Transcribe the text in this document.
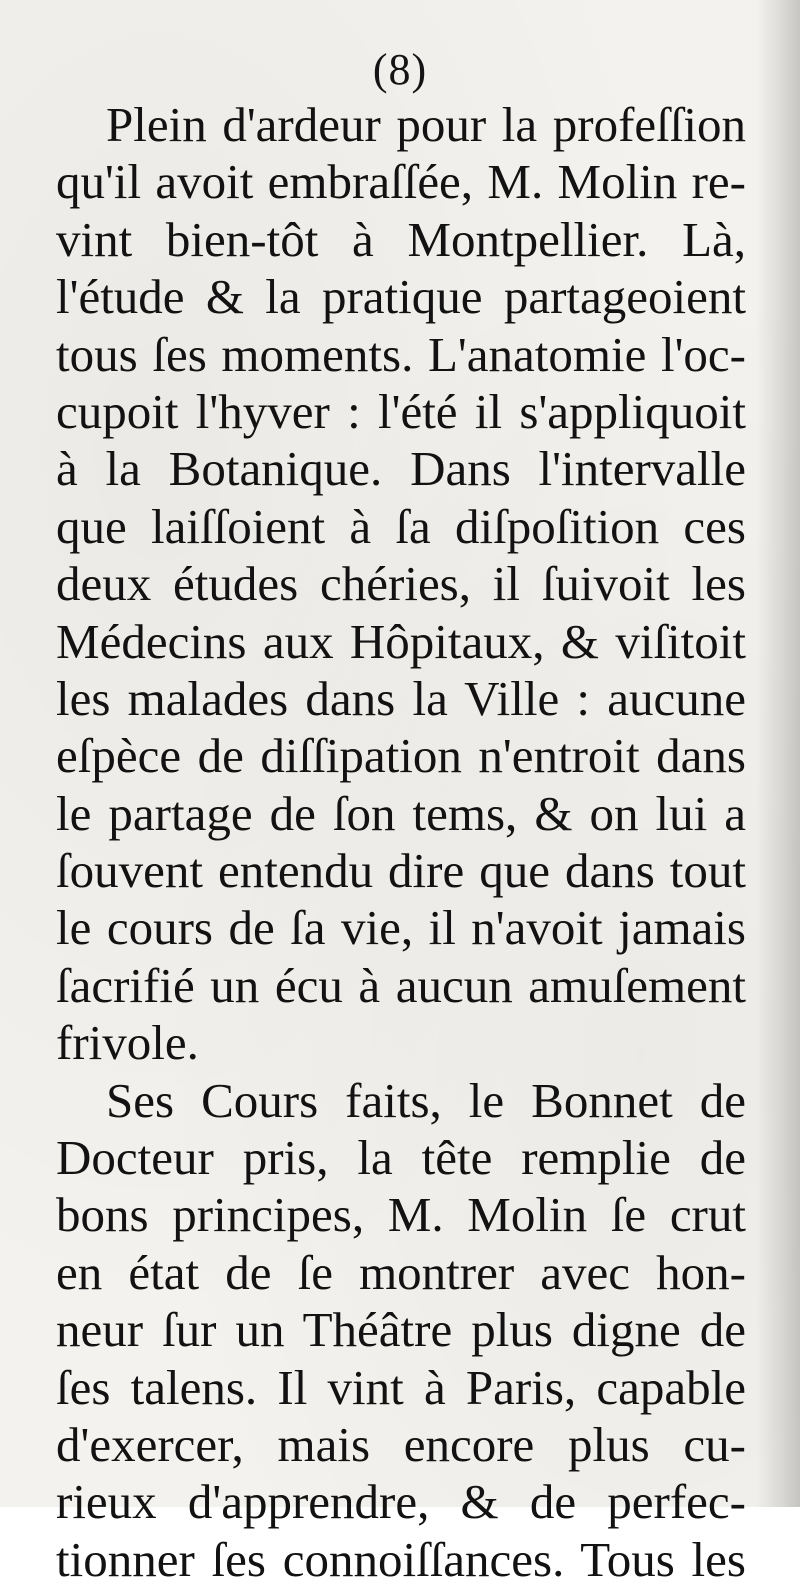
(8)
Plein d'ardeur pour la profeſſion
qu'il avoit embraſſée, M. Molin re-
vint bien-tôt à Montpellier. Là,
l'étude & la pratique partageoient
tous ſes moments. L'anatomie l'oc-
cupoit l'hyver : l'été il s'appliquoit
à la Botanique. Dans l'intervalle
que laiſſoient à ſa diſpoſition ces
deux études chéries, il ſuivoit les
Médecins aux Hôpitaux, & viſitoit
les malades dans la Ville : aucune
eſpèce de diſſipation n'entroit dans
le partage de ſon tems, & on lui a
ſouvent entendu dire que dans tout
le cours de ſa vie, il n'avoit jamais
ſacrifié un écu à aucun amuſement
frivole.
Ses Cours faits, le Bonnet de
Docteur pris, la tête remplie de
bons principes, M. Molin ſe crut
en état de ſe montrer avec hon-
neur ſur un Théâtre plus digne de
ſes talens. Il vint à Paris, capable
d'exercer, mais encore plus cu-
rieux d'apprendre, & de perfec-
tionner ſes connoiſſances. Tous les
